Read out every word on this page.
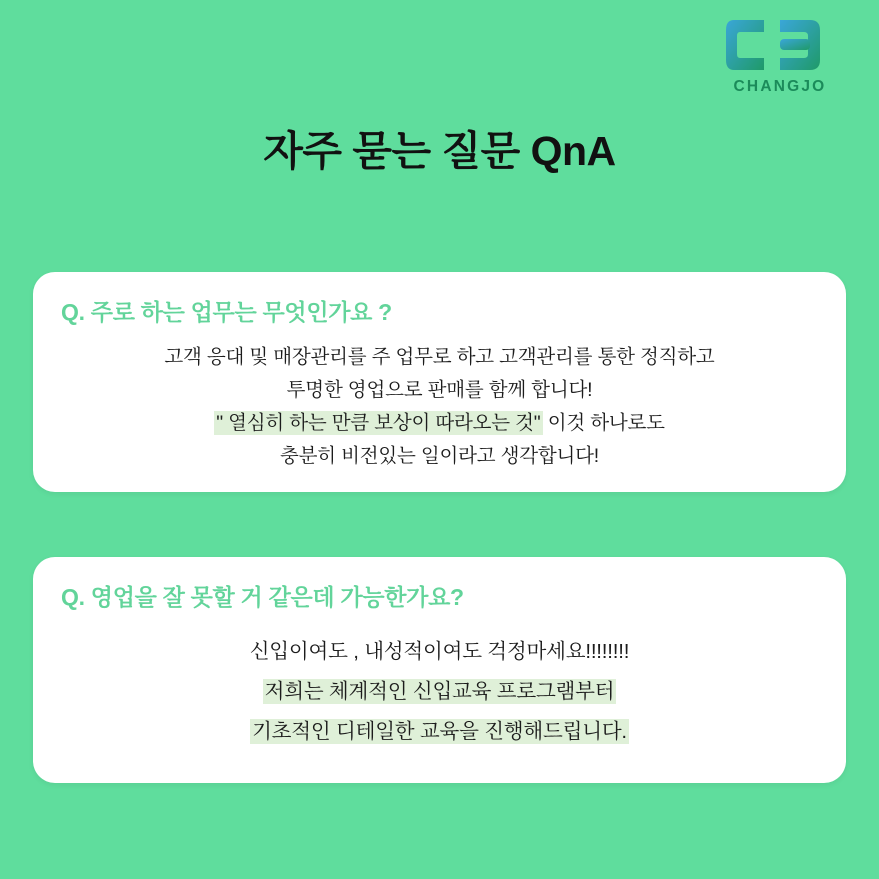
CHANGJO
자주 묻는 질문 QnA
Q. 주로 하는 업무는 무엇인가요 ?
고객 응대 및 매장관리를 주 업무로 하고 고객관리를 통한 정직하고
투명한 영업으로 판매를 함께 합니다!
" 열심히 하는 만큼 보상이 따라오는 것" 이것 하나로도
충분히 비전있는 일이라고 생각합니다!
Q. 영업을 잘 못할 거 같은데 가능한가요?
신입이여도 , 내성적이여도 걱정마세요!!!!!!!!
저희는 체계적인 신입교육 프로그램부터
기초적인 디테일한 교육을 진행해드립니다.
